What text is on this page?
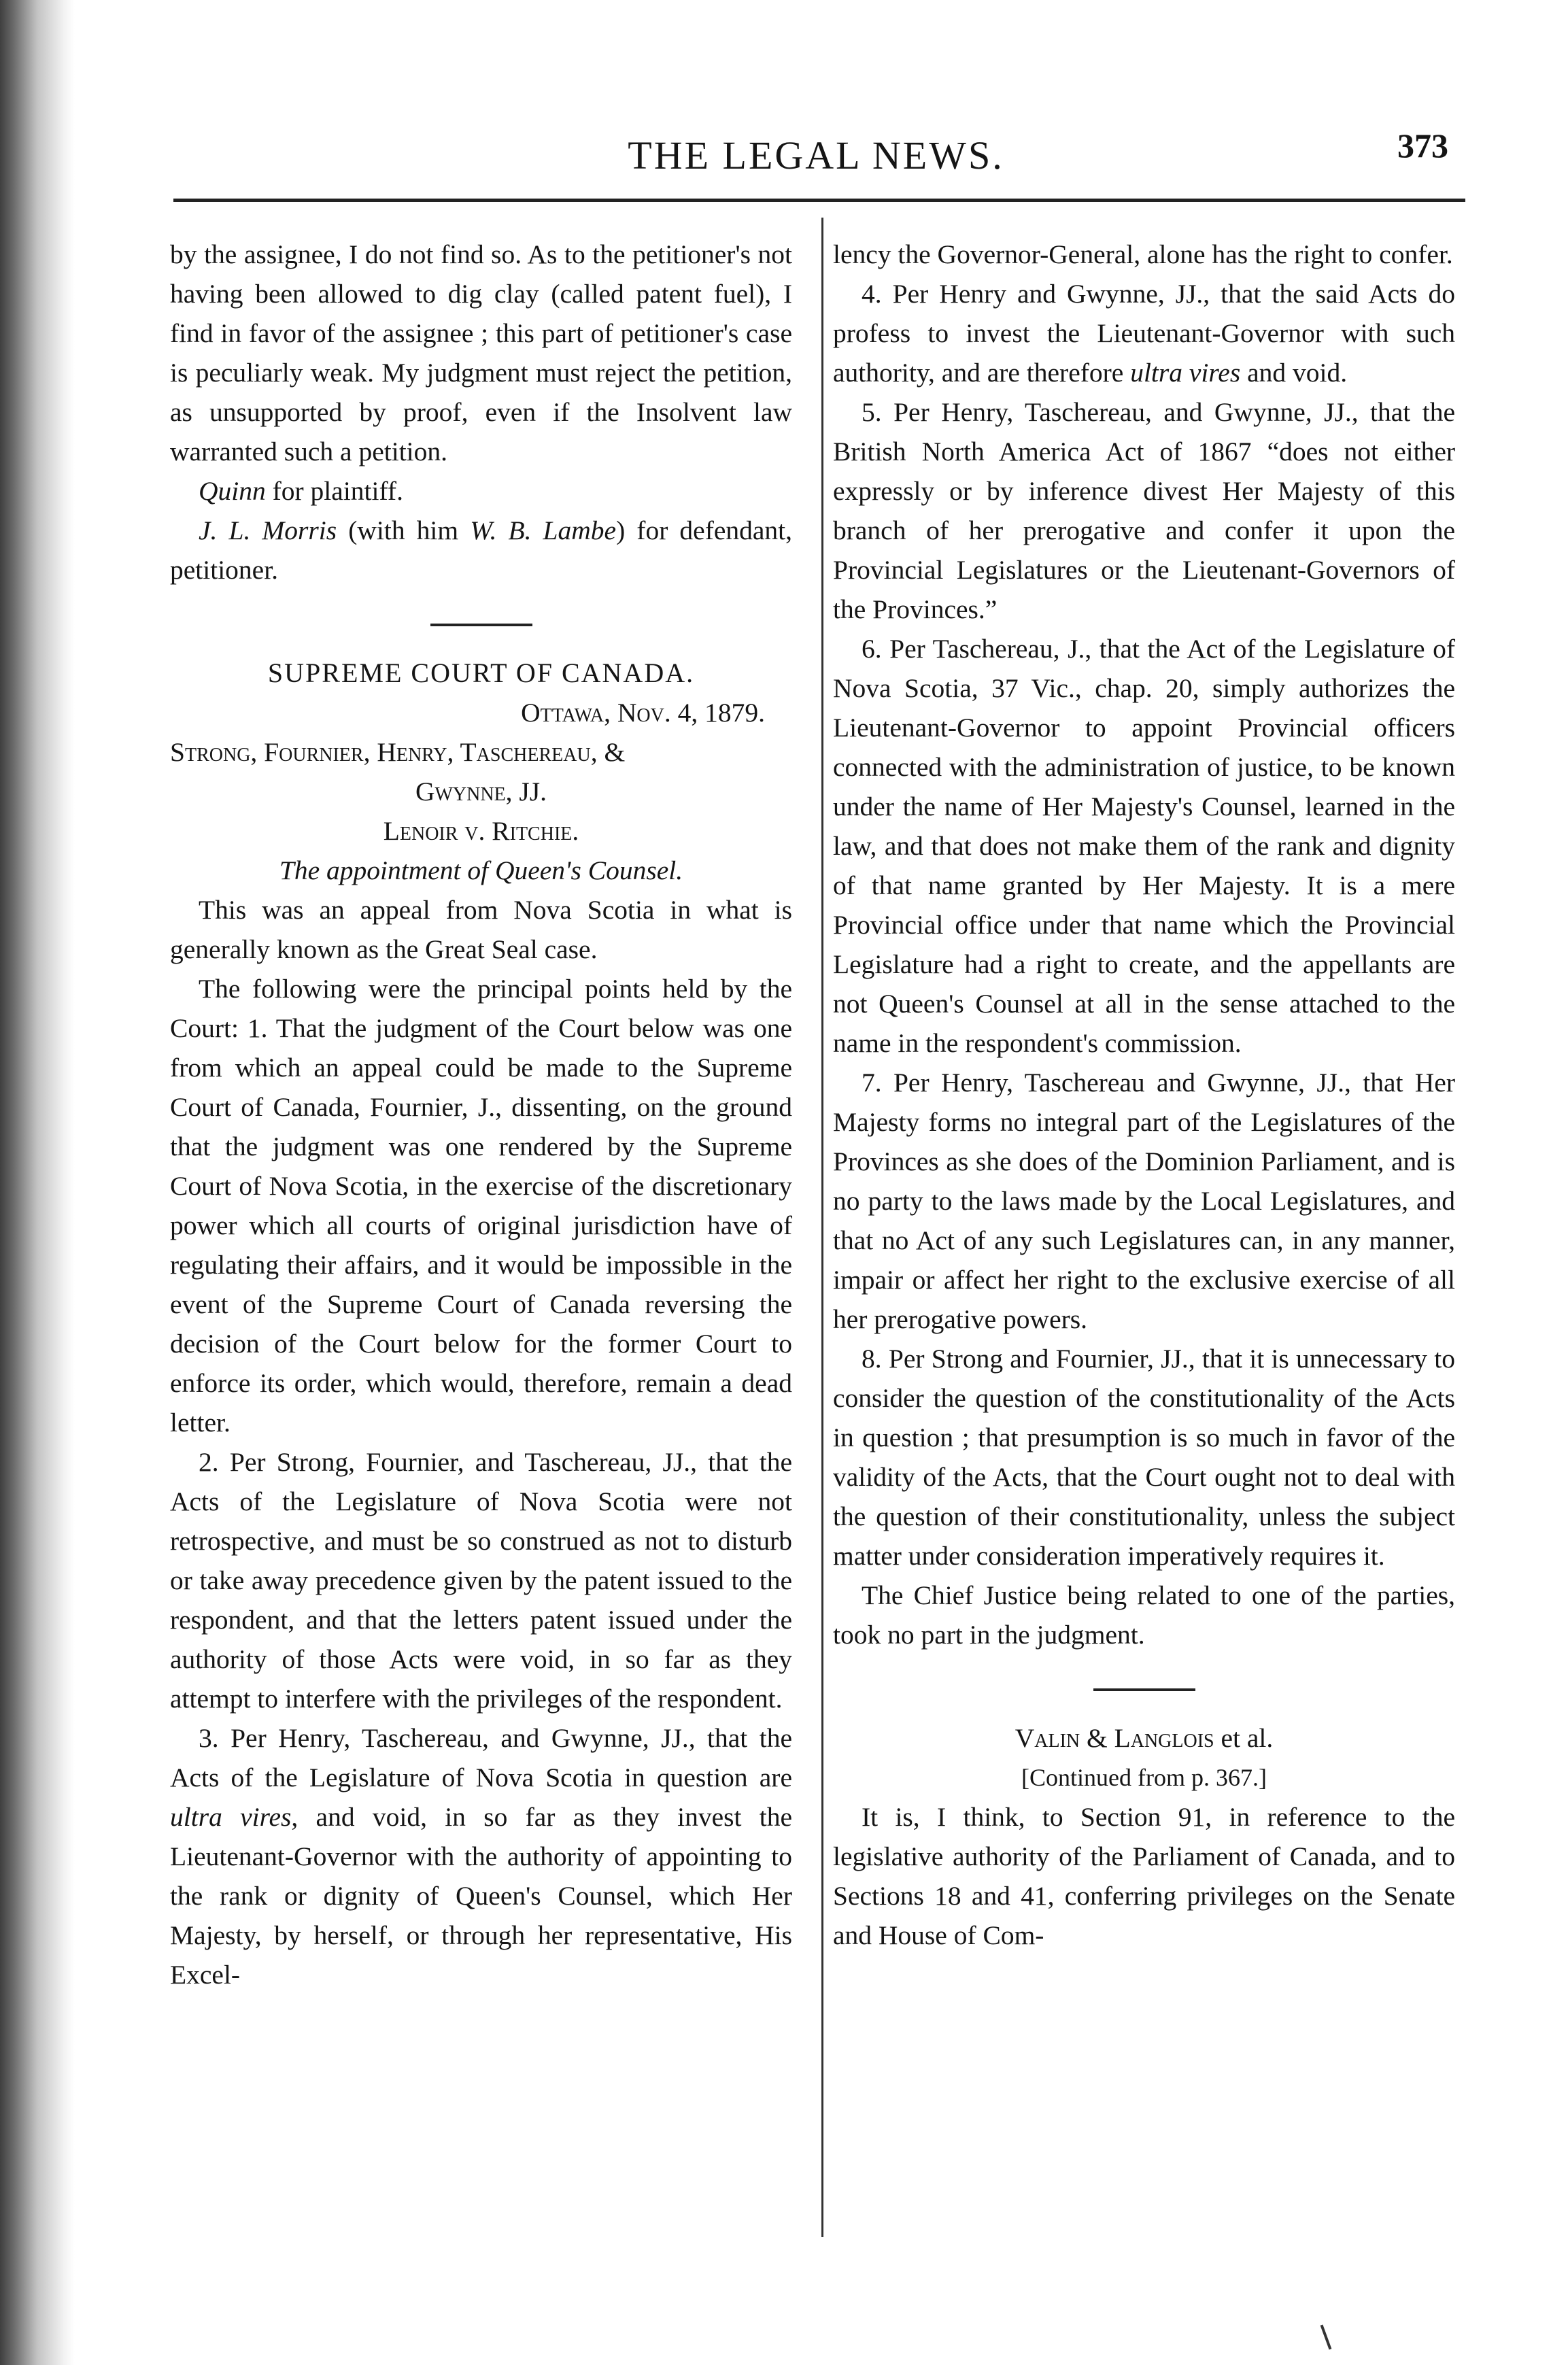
THE LEGAL NEWS.	373

by the assignee, I do not find so. As to the petitioner's not having been allowed to dig clay (called patent fuel), I find in favor of the assignee ; this part of petitioner's case is peculiarly weak. My judgment must reject the petition, as unsupported by proof, even if the Insolvent law warranted such a petition.

Quinn for plaintiff.

J. L. Morris (with him W. B. Lambe) for defendant, petitioner.

SUPREME COURT OF CANADA.

Ottawa, Nov. 4, 1879.

Strong, Fournier, Henry, Taschereau, &

Gwynne, JJ.

Lenoir v. Ritchie.

The appointment of Queen's Counsel.

This was an appeal from Nova Scotia in what is generally known as the Great Seal case.

The following were the principal points held by the Court: 1. That the judgment of the Court below was one from which an appeal could be made to the Supreme Court of Canada, Fournier, J., dissenting, on the ground that the judgment was one rendered by the Supreme Court of Nova Scotia, in the exercise of the discretionary power which all courts of original jurisdiction have of regulating their affairs, and it would be impossible in the event of the Supreme Court of Canada reversing the decision of the Court below for the former Court to enforce its order, which would, therefore, remain a dead letter.

2. Per Strong, Fournier, and Taschereau, JJ., that the Acts of the Legislature of Nova Scotia were not retrospective, and must be so construed as not to disturb or take away precedence given by the patent issued to the respondent, and that the letters patent issued under the authority of those Acts were void, in so far as they attempt to interfere with the privileges of the respondent.

3. Per Henry, Taschereau, and Gwynne, JJ., that the Acts of the Legislature of Nova Scotia in question are ultra vires, and void, in so far as they invest the Lieutenant-Governor with the authority of appointing to the rank or dignity of Queen's Counsel, which Her Majesty, by herself, or through her representative, His Excel-

lency the Governor-General, alone has the right to confer.

4. Per Henry and Gwynne, JJ., that the said Acts do profess to invest the Lieutenant-Governor with such authority, and are therefore ultra vires and void.

5. Per Henry, Taschereau, and Gwynne, JJ., that the British North America Act of 1867 “does not either expressly or by inference divest Her Majesty of this branch of her prerogative and confer it upon the Provincial Legislatures or the Lieutenant-Governors of the Provinces.”

6. Per Taschereau, J., that the Act of the Legislature of Nova Scotia, 37 Vic., chap. 20, simply authorizes the Lieutenant-Governor to appoint Provincial officers connected with the administration of justice, to be known under the name of Her Majesty's Counsel, learned in the law, and that does not make them of the rank and dignity of that name granted by Her Majesty. It is a mere Provincial office under that name which the Provincial Legislature had a right to create, and the appellants are not Queen's Counsel at all in the sense attached to the name in the respondent's commission.

7. Per Henry, Taschereau and Gwynne, JJ., that Her Majesty forms no integral part of the Legislatures of the Provinces as she does of the Dominion Parliament, and is no party to the laws made by the Local Legislatures, and that no Act of any such Legislatures can, in any manner, impair or affect her right to the exclusive exercise of all her prerogative powers.

8. Per Strong and Fournier, JJ., that it is unnecessary to consider the question of the constitutionality of the Acts in question ; that presumption is so much in favor of the validity of the Acts, that the Court ought not to deal with the question of their constitutionality, unless the subject matter under consideration imperatively requires it.

The Chief Justice being related to one of the parties, took no part in the judgment.

Valin & Langlois et al.

[Continued from p. 367.]

It is, I think, to Section 91, in reference to the legislative authority of the Parliament of Canada, and to Sections 18 and 41, conferring privileges on the Senate and House of Com-
